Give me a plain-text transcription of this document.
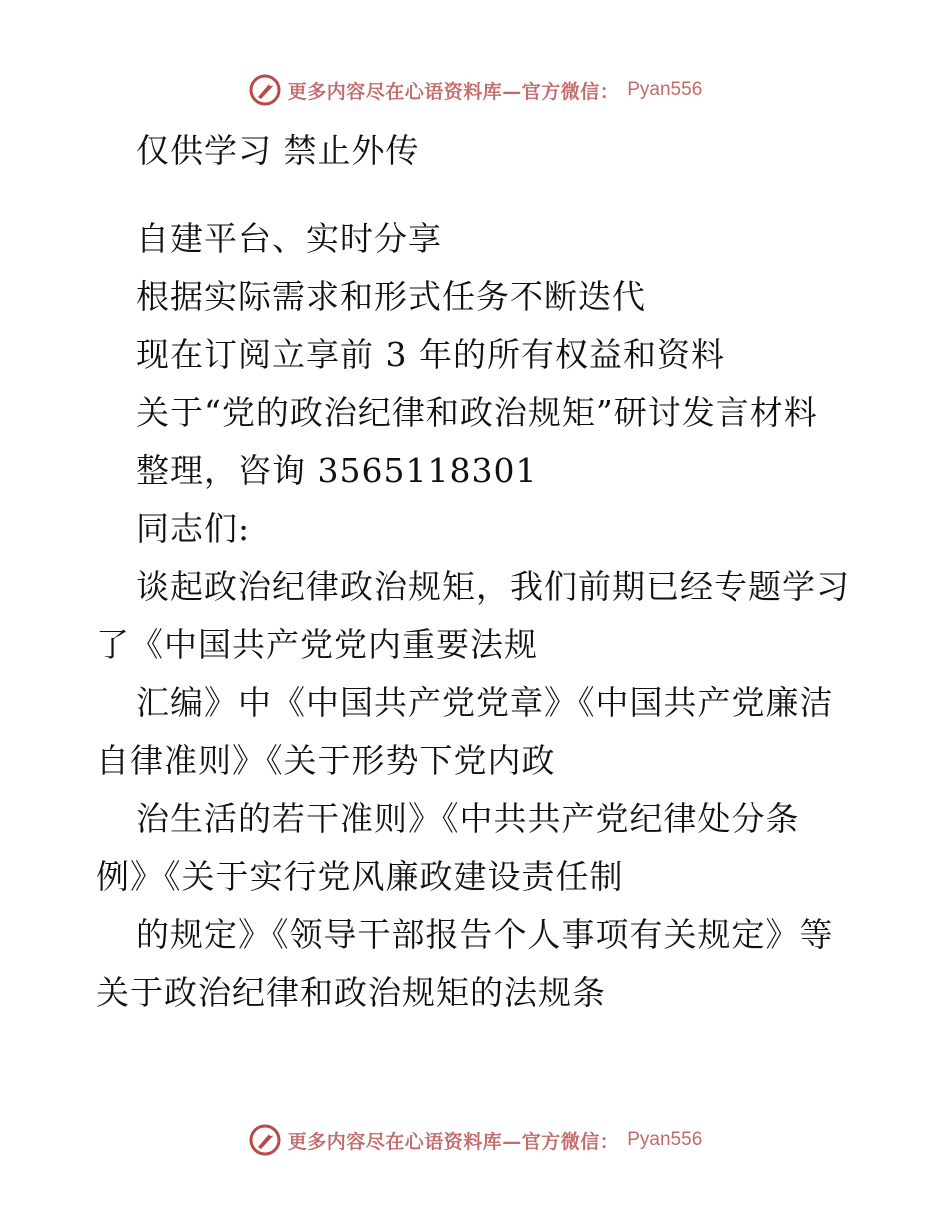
更多内容尽在心语资料库—官方微信： Pyan556
仅供学习 禁止外传
自建平台、实时分享
根据实际需求和形式任务不断迭代
现在订阅立享前 3 年的所有权益和资料
关于“党的政治纪律和政治规矩”研讨发言材料
整理，咨询 3565118301
同志们:
谈起政治纪律政治规矩，我们前期已经专题学习
了《中国共产党党内重要法规
汇编》中《中国共产党党章》《中国共产党廉洁
自律准则》《关于形势下党内政
治生活的若干准则》《中共共产党纪律处分条
例》《关于实行党风廉政建设责任制
的规定》《领导干部报告个人事项有关规定》等
关于政治纪律和政治规矩的法规条
更多内容尽在心语资料库—官方微信： Pyan556
